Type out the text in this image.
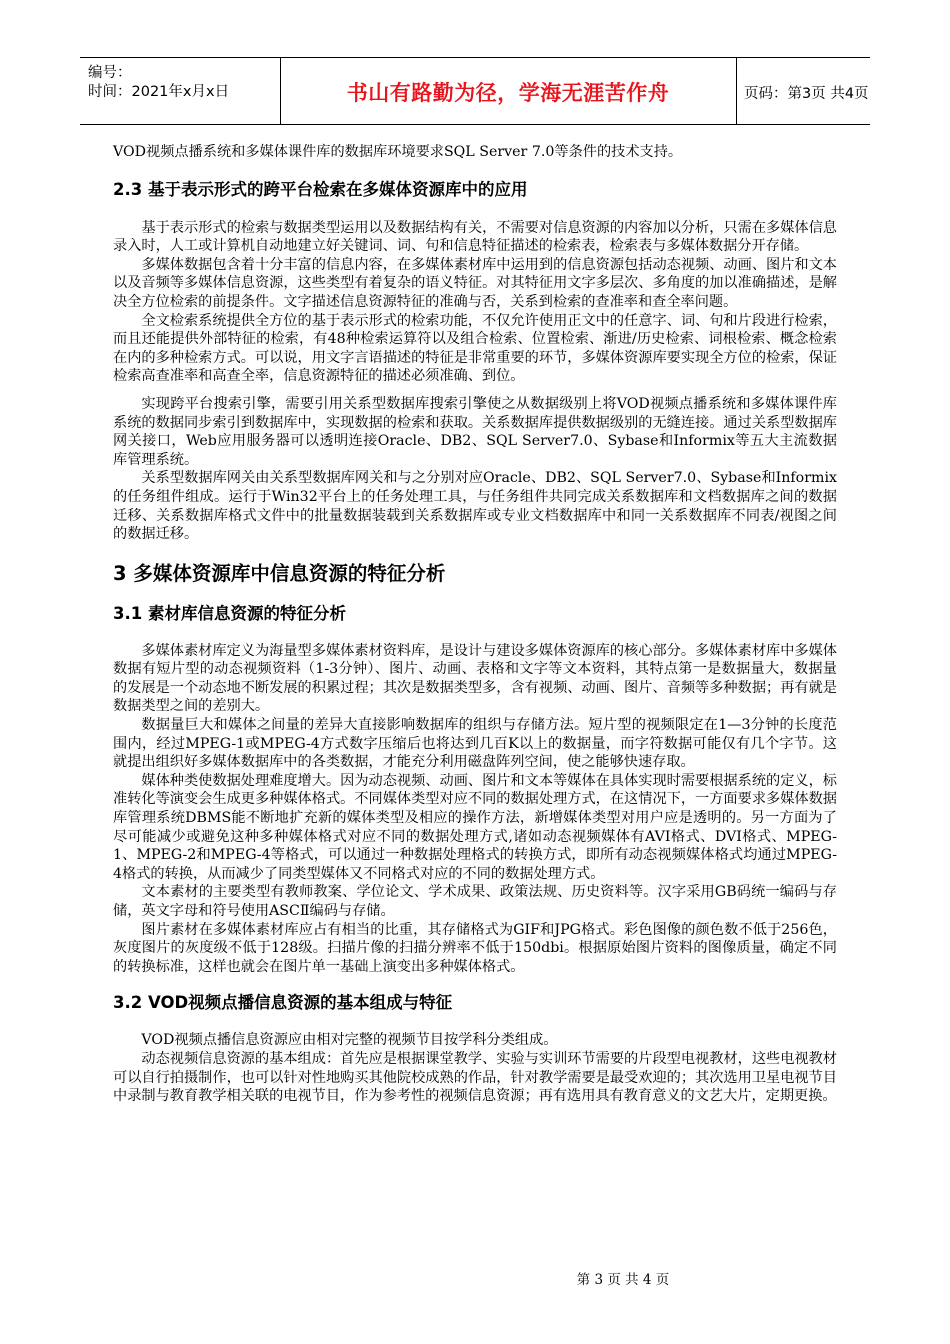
编号：
时间：2021年x月x日	书山有路勤为径，学海无涯苦作舟	页码：第3页 共4页

VOD视频点播系统和多媒体课件库的数据库环境要求SQL Server 7.0等条件的技术支持。

2.3 基于表示形式的跨平台检索在多媒体资源库中的应用

基于表示形式的检索与数据类型运用以及数据结构有关，不需要对信息资源的内容加以分析，只需在多媒体信息录入时，人工或计算机自动地建立好关键词、词、句和信息特征描述的检索表，检索表与多媒体数据分开存储。

多媒体数据包含着十分丰富的信息内容，在多媒体素材库中运用到的信息资源包括动态视频、动画、图片和文本以及音频等多媒体信息资源，这些类型有着复杂的语义特征。对其特征用文字多层次、多角度的加以准确描述，是解决全方位检索的前提条件。文字描述信息资源特征的准确与否，关系到检索的查准率和查全率问题。

全文检索系统提供全方位的基于表示形式的检索功能，不仅允许使用正文中的任意字、词、句和片段进行检索，而且还能提供外部特征的检索，有48种检索运算符以及组合检索、位置检索、渐进/历史检索、词根检索、概念检索在内的多种检索方式。可以说，用文字言语描述的特征是非常重要的环节，多媒体资源库要实现全方位的检索，保证检索高查准率和高查全率，信息资源特征的描述必须准确、到位。

实现跨平台搜索引擎，需要引用关系型数据库搜索引擎使之从数据级别上将VOD视频点播系统和多媒体课件库系统的数据同步索引到数据库中，实现数据的检索和获取。关系数据库提供数据级别的无缝连接。通过关系型数据库网关接口，Web应用服务器可以透明连接Oracle、DB2、SQL Server7.0、Sybase和Informix等五大主流数据库管理系统。

关系型数据库网关由关系型数据库网关和与之分别对应Oracle、DB2、SQL Server7.0、Sybase和Informix的任务组件组成。运行于Win32平台上的任务处理工具，与任务组件共同完成关系数据库和文档数据库之间的数据迁移、关系数据库格式文件中的批量数据装载到关系数据库或专业文档数据库中和同一关系数据库不同表/视图之间的数据迁移。

3 多媒体资源库中信息资源的特征分析
3.1 素材库信息资源的特征分析

多媒体素材库定义为海量型多媒体素材资料库，是设计与建设多媒体资源库的核心部分。多媒体素材库中多媒体数据有短片型的动态视频资料（1-3分钟）、图片、动画、表格和文字等文本资料，其特点第一是数据量大，数据量的发展是一个动态地不断发展的积累过程；其次是数据类型多，含有视频、动画、图片、音频等多种数据；再有就是数据类型之间的差别大。

数据量巨大和媒体之间量的差异大直接影响数据库的组织与存储方法。短片型的视频限定在1—3分钟的长度范围内，经过MPEG-1或MPEG-4方式数字压缩后也将达到几百K以上的数据量，而字符数据可能仅有几个字节。这就提出组织好多媒体数据库中的各类数据，才能充分利用磁盘阵列空间，使之能够快速存取。

媒体种类使数据处理难度增大。因为动态视频、动画、图片和文本等媒体在具体实现时需要根据系统的定义，标准转化等演变会生成更多种媒体格式。不同媒体类型对应不同的数据处理方式，在这情况下，一方面要求多媒体数据库管理系统DBMS能不断地扩充新的媒体类型及相应的操作方法，新增媒体类型对用户应是透明的。另一方面为了尽可能减少或避免这种多种媒体格式对应不同的数据处理方式,诸如动态视频媒体有AVI格式、DVI格式、MPEG-1、MPEG-2和MPEG-4等格式，可以通过一种数据处理格式的转换方式，即所有动态视频媒体格式均通过MPEG-4格式的转换，从而减少了同类型媒体又不同格式对应的不同的数据处理方式。

文本素材的主要类型有教师教案、学位论文、学术成果、政策法规、历史资料等。汉字采用GB码统一编码与存储，英文字母和符号使用ASCⅡ编码与存储。

图片素材在多媒体素材库应占有相当的比重，其存储格式为GIF和JPG格式。彩色图像的颜色数不低于256色，灰度图片的灰度级不低于128级。扫描片像的扫描分辨率不低于150dbi。根据原始图片资料的图像质量，确定不同的转换标准，这样也就会在图片单一基础上演变出多种媒体格式。

3.2 VOD视频点播信息资源的基本组成与特征

VOD视频点播信息资源应由相对完整的视频节目按学科分类组成。

动态视频信息资源的基本组成：首先应是根据课堂教学、实验与实训环节需要的片段型电视教材，这些电视教材可以自行拍摄制作，也可以针对性地购买其他院校成熟的作品，针对教学需要是最受欢迎的；其次选用卫星电视节目中录制与教育教学相关联的电视节目，作为参考性的视频信息资源；再有选用具有教育意义的文艺大片，定期更换。

第 3 页 共 4 页
